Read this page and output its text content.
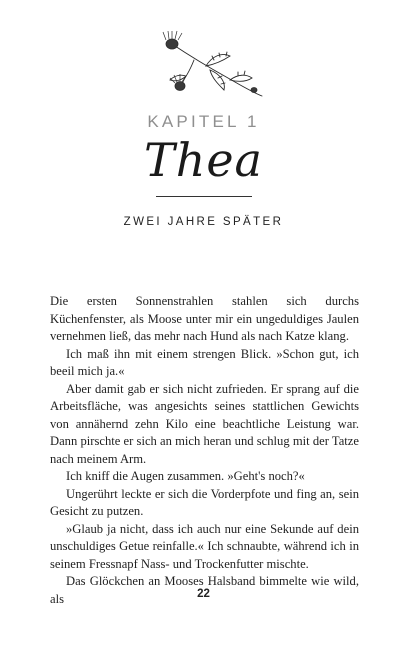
KAPITEL 1
Thea
ZWEI JAHRE SPÄTER

Die ersten Sonnenstrahlen stahlen sich durchs Küchenfenster, als Moose unter mir ein ungeduldiges Jaulen vernehmen ließ, das mehr nach Hund als nach Katze klang.

Ich maß ihn mit einem strengen Blick. »Schon gut, ich beeil mich ja.«

Aber damit gab er sich nicht zufrieden. Er sprang auf die Arbeitsfläche, was angesichts seines stattlichen Gewichts von annähernd zehn Kilo eine beachtliche Leistung war. Dann pirschte er sich an mich heran und schlug mit der Tatze nach meinem Arm.

Ich kniff die Augen zusammen. »Geht's noch?«

Ungerührt leckte er sich die Vorderpfote und fing an, sein Gesicht zu putzen.

»Glaub ja nicht, dass ich auch nur eine Sekunde auf dein unschuldiges Getue reinfalle.« Ich schnaubte, während ich in seinem Fressnapf Nass- und Trockenfutter mischte.

Das Glöckchen an Mooses Halsband bimmelte wie wild, als	22
